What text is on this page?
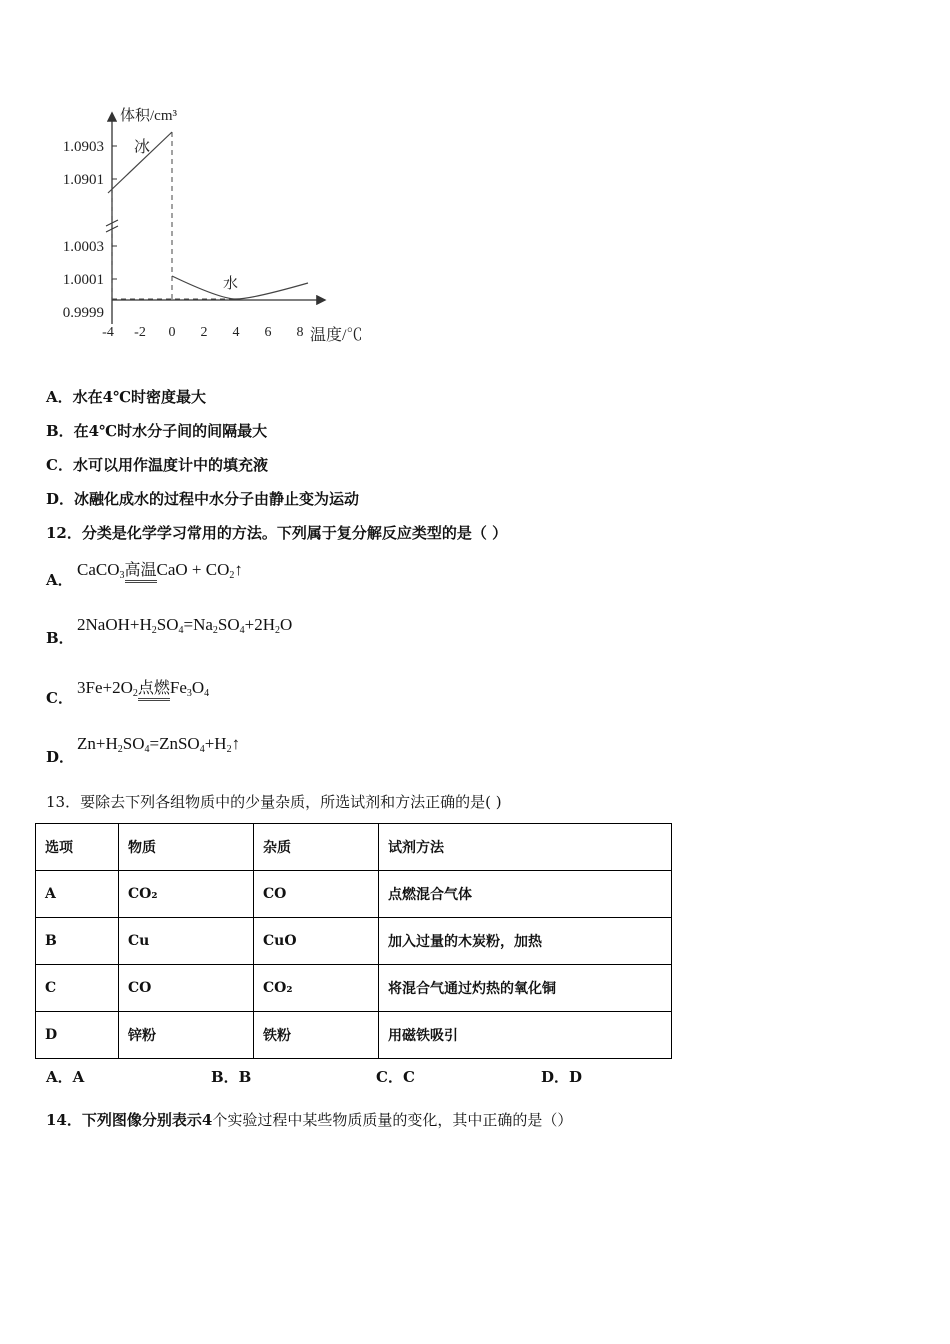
1.0903
1.0901
1.0003
1.0001
0.9999
-4 -2 0 2 4 6 8
体积/cm³
温度/℃
冰
水
A．水在4℃时密度最大
B．在4℃时水分子间的间隔最大
C．水可以用作温度计中的填充液
D．冰融化成水的过程中水分子由静止变为运动
12．分类是化学学习常用的方法。下列属于复分解反应类型的是（ ）
A．
CaCO$_3$高温CaO + $CO_2↑$
B．
$2NaOH+H_2SO_4=Na_2SO_4+2H_2O$
C．
$3Fe+2O_2$点燃$Fe_3O_4$
D．
$Zn+H_2SO_4=ZnSO_4+H_2↑$
13．要除去下列各组物质中的少量杂质，所选试剂和方法正确的是( )
选项	物质	杂质	试剂方法
A	CO₂	CO	点燃混合气体
B	Cu	CuO	加入过量的木炭粉，加热
C	CO	CO₂	将混合气通过灼热的氧化铜
D	锌粉	铁粉	用磁铁吸引
A．A	B．B	C．C	D．D
14．下列图像分别表示4个实验过程中某些物质质量的变化，其中正确的是（）
